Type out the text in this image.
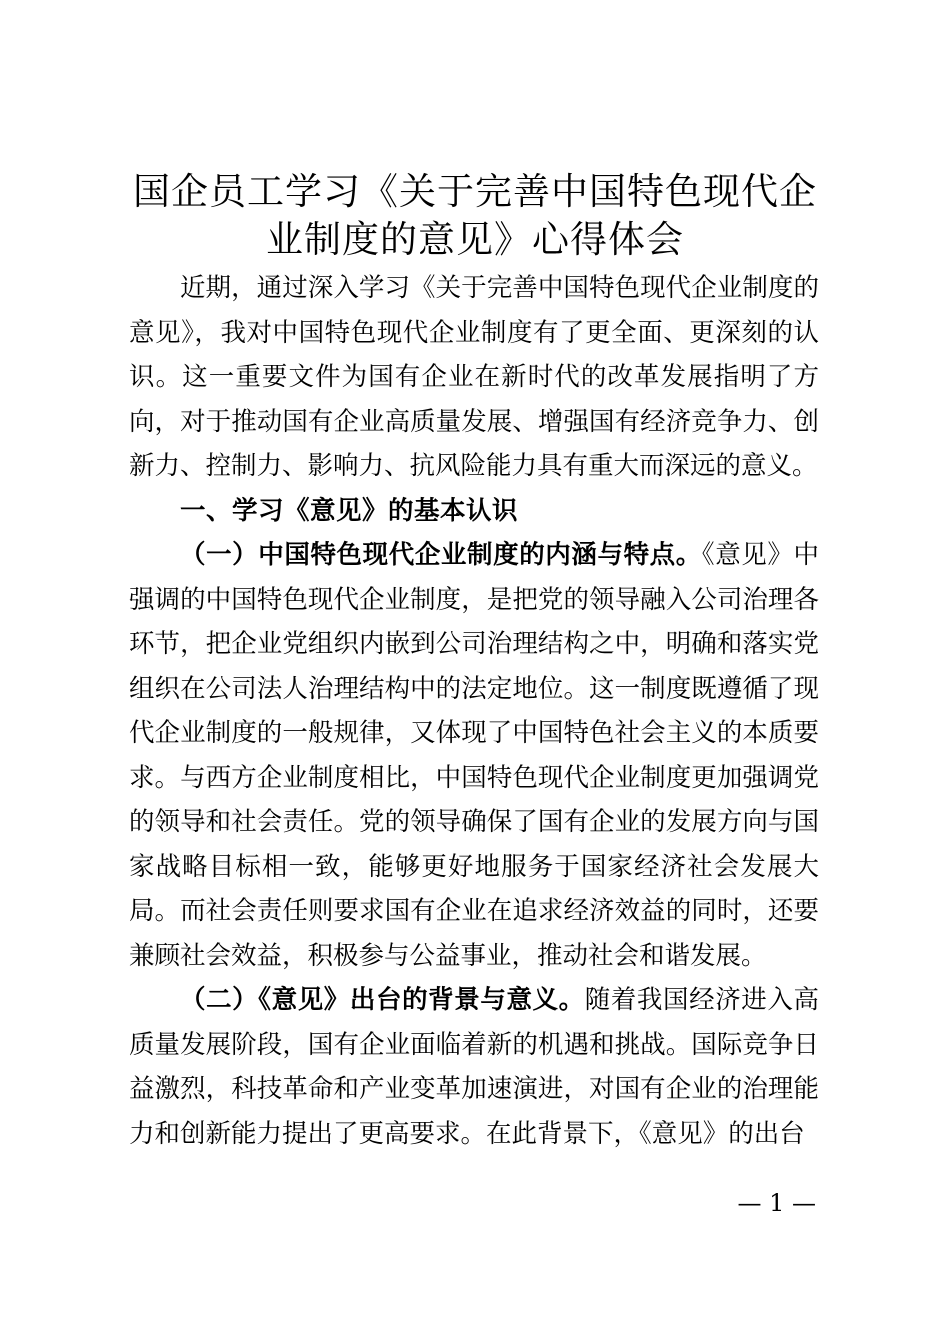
国企员工学习《关于完善中国特色现代企业制度的意见》心得体会

近期，通过深入学习《关于完善中国特色现代企业制度的意见》，我对中国特色现代企业制度有了更全面、更深刻的认识。这一重要文件为国有企业在新时代的改革发展指明了方向，对于推动国有企业高质量发展、增强国有经济竞争力、创新力、控制力、影响力、抗风险能力具有重大而深远的意义。

一、学习《意见》的基本认识

（一）中国特色现代企业制度的内涵与特点。《意见》中强调的中国特色现代企业制度，是把党的领导融入公司治理各环节，把企业党组织内嵌到公司治理结构之中，明确和落实党组织在公司法人治理结构中的法定地位。这一制度既遵循了现代企业制度的一般规律，又体现了中国特色社会主义的本质要求。与西方企业制度相比，中国特色现代企业制度更加强调党的领导和社会责任。党的领导确保了国有企业的发展方向与国家战略目标相一致，能够更好地服务于国家经济社会发展大局。而社会责任则要求国有企业在追求经济效益的同时，还要兼顾社会效益，积极参与公益事业，推动社会和谐发展。

（二）《意见》出台的背景与意义。随着我国经济进入高质量发展阶段，国有企业面临着新的机遇和挑战。国际竞争日益激烈，科技革命和产业变革加速演进，对国有企业的治理能力和创新能力提出了更高要求。在此背景下，《意见》的出台

— 1 —
